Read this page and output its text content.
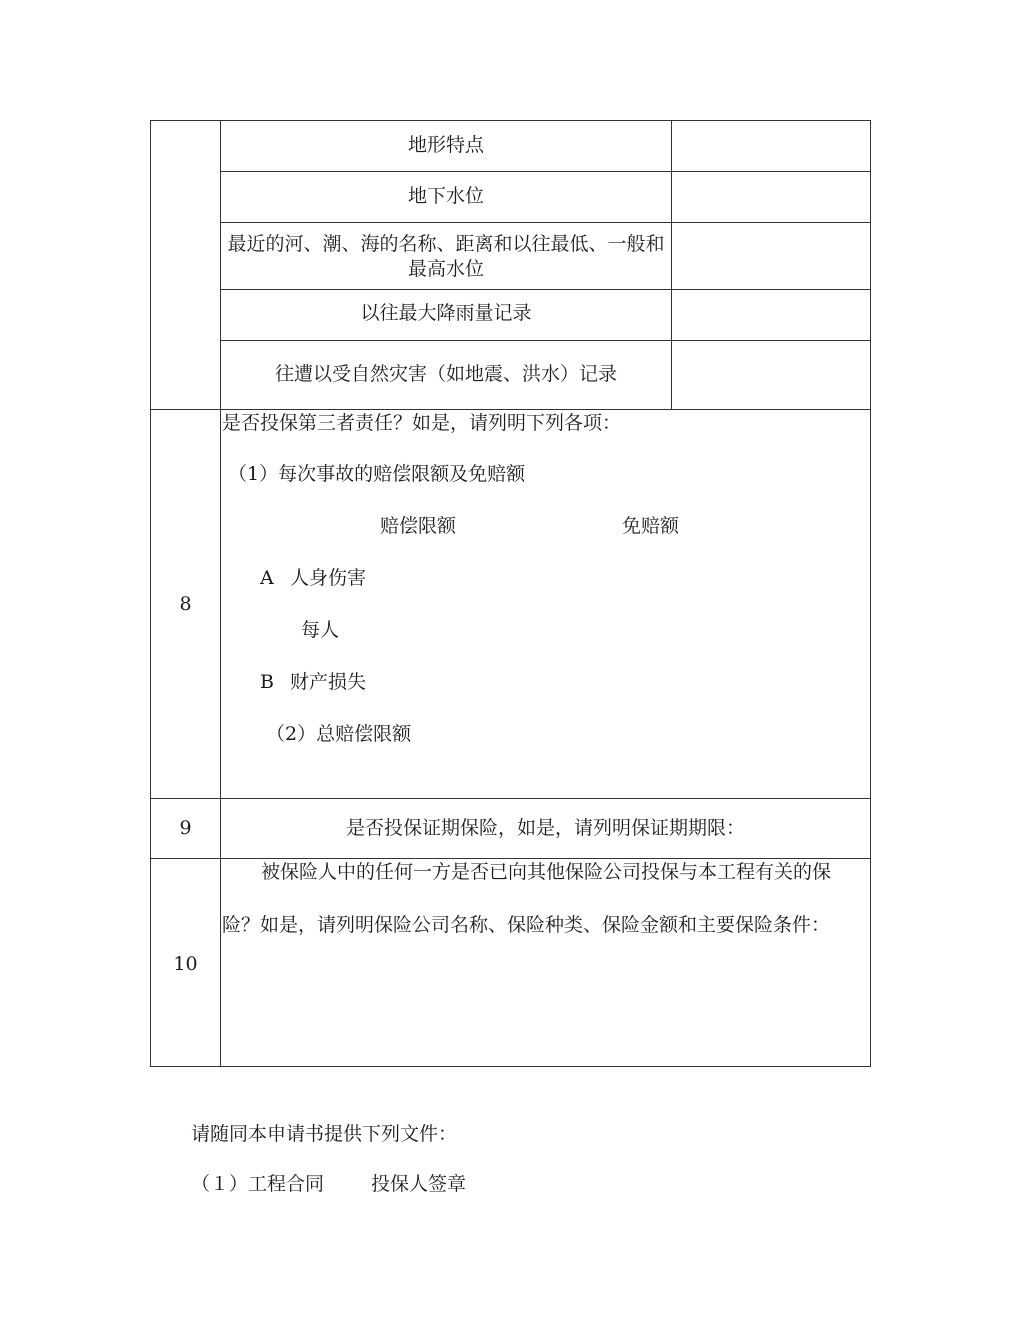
地形特点
地下水位
最近的河、潮、海的名称、距离和以往最低、一般和
最高水位
以往最大降雨量记录
往遭以受自然灾害（如地震、洪水）记录
8
是否投保第三者责任？如是，请列明下列各项：
（1）每次事故的赔偿限额及免赔额
赔偿限额	免赔额
A 人身伤害
每人
B 财产损失
（2）总赔偿限额
9	是否投保证期保险，如是，请列明保证期期限：
10
被保险人中的任何一方是否已向其他保险公司投保与本工程有关的保
险？如是，请列明保险公司名称、保险种类、保险金额和主要保险条件：
请随同本申请书提供下列文件：
（１）工程合同 投保人签章
